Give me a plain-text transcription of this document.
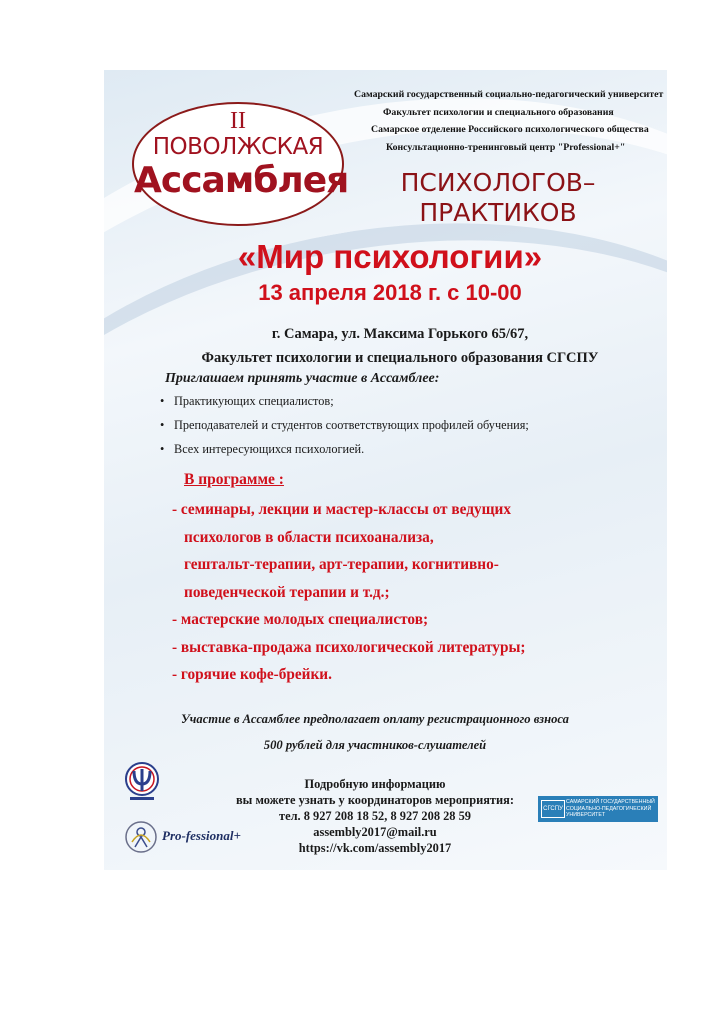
Самарский государственный социально-педагогический университет
Факультет психологии и специального образования
Самарское отделение Российского психологического общества
Консультационно-тренинговый центр "Professional+"
II
ПОВОЛЖСКАЯ
Ассамблея	ПСИХОЛОГОВ–
ПРАКТИКОВ
«Мир психологии»
13 апреля 2018 г. с 10-00
г. Самара, ул. Максима Горького 65/67,
Факультет психологии и специального образования СГСПУ
Приглашаем принять участие в Ассамблее:
• Практикующих специалистов;
• Преподавателей и студентов соответствующих профилей обучения;
• Всех интересующихся психологией.
В программе :
- семинары, лекции и мастер-классы от ведущих
психологов в области психоанализа,
гештальт-терапии, арт-терапии, когнитивно-
поведенческой терапии и т.д.;
- мастерские молодых специалистов;
- выставка-продажа психологической литературы;
- горячие кофе-брейки.
Участие в Ассамблее предполагает оплату регистрационного взноса
500 рублей для участников-слушателей
Подробную информацию
вы можете узнать у координаторов мероприятия:
тел. 8 927 208 18 52, 8 927 208 28 59
assembly2017@mail.ru
https://vk.com/assembly2017
Pro-fessional+
СГСПУ
САМАРСКИЙ ГОСУДАРСТВЕННЫЙ
СОЦИАЛЬНО-ПЕДАГОГИЧЕСКИЙ
УНИВЕРСИТЕТ
